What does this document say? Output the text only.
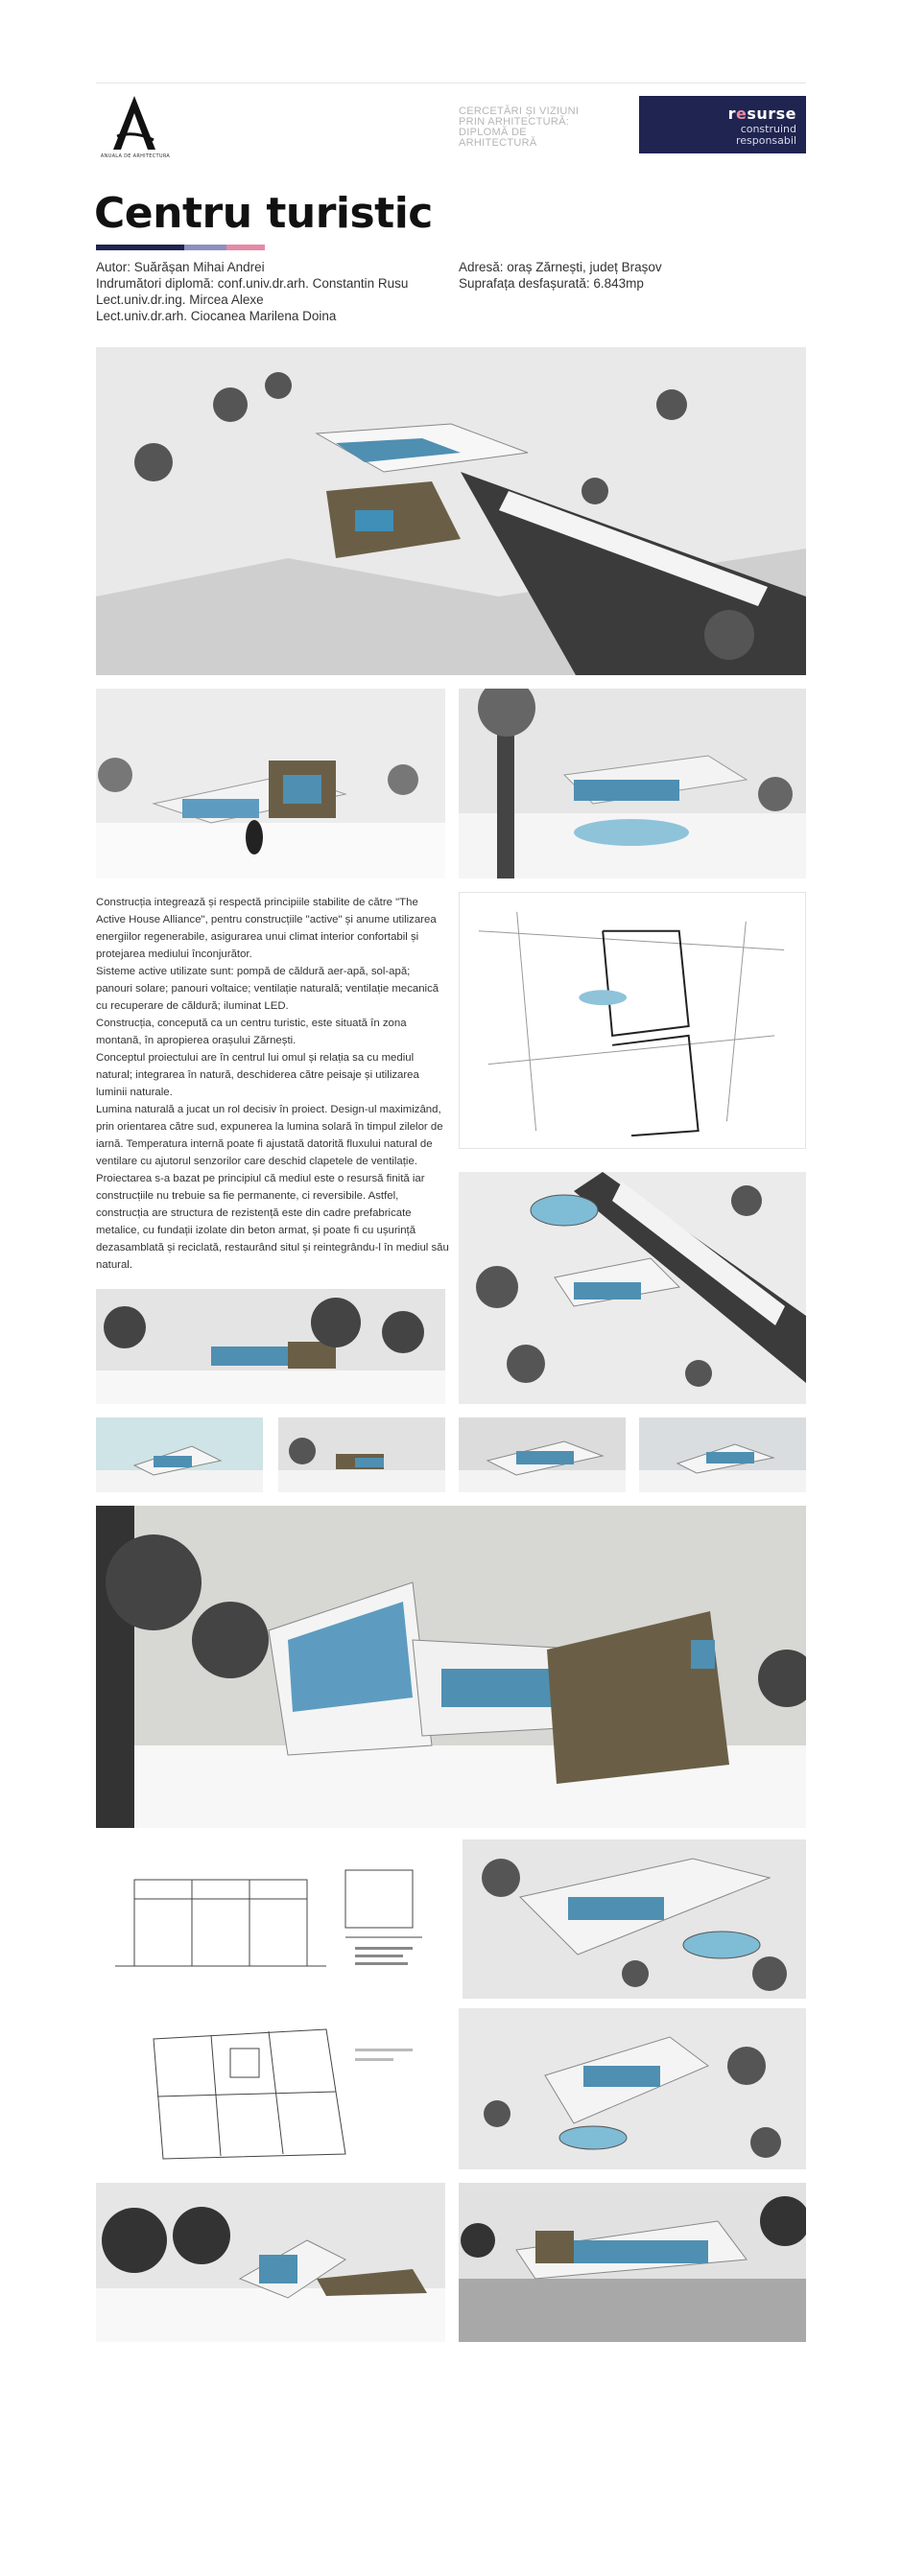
ANUALA DE ARHITECTURA
CERCETĂRI ȘI VIZIUNI
PRIN ARHITECTURĂ:
DIPLOMĂ DE ARHITECTURĂ
resurse
construind
responsabil
Centru turistic
Autor: Suărășan Mihai Andrei
Indrumători diplomă: conf.univ.dr.arh. Constantin Rusu
Lect.univ.dr.ing. Mircea Alexe
Lect.univ.dr.arh. Ciocanea Marilena Doina
Adresă: oraș Zărnești, județ Brașov
Suprafața desfașurată: 6.843mp

Construcția integrează și respectă principiile stabilite de către "The Active House Alliance", pentru construcțiile "active" și anume utilizarea energiilor regenerabile, asigurarea unui climat interior confortabil și protejarea mediului înconjurător.

Sisteme active utilizate sunt: pompă de căldură aer-apă, sol-apă; panouri solare; panouri voltaice; ventilație naturală; ventilație mecanică cu recuperare de căldură; iluminat LED.

Construcția, concepută ca un centru turistic, este situată în zona montană, în apropierea orașului Zărnești.

Conceptul proiectului are în centrul lui omul și relația sa cu mediul natural; integrarea în natură, deschiderea către peisaje și utilizarea luminii naturale.

Lumina naturală a jucat un rol decisiv în proiect. Design-ul maximizând, prin orientarea către sud, expunerea la lumina solară în timpul zilelor de iarnă. Temperatura internă poate fi ajustată datorită fluxului natural de ventilare cu ajutorul senzorilor care deschid clapetele de ventilație.

Proiectarea s-a bazat pe principiul că mediul este o resursă finită iar construcțiile nu trebuie sa fie permanente, ci reversibile. Astfel, construcția are structura de rezistență este din cadre prefabricate metalice, cu fundații izolate din beton armat, și poate fi cu ușurință dezasamblată și reciclată, restaurând situl și reintegrându-l în mediul său natural.
